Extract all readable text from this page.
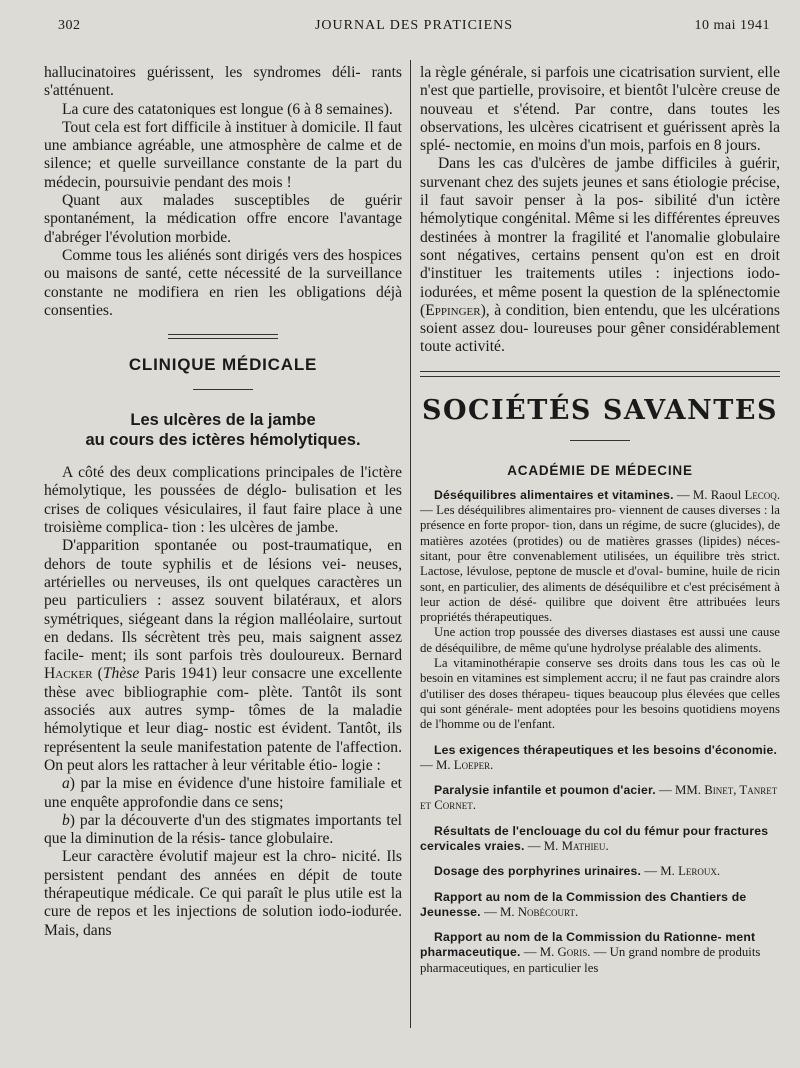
302	JOURNAL DES PRATICIENS	10 mai 1941

hallucinatoires guérissent, les syndromes déli- rants s'atténuent.

La cure des catatoniques est longue (6 à 8 semaines).

Tout cela est fort difficile à instituer à domicile. Il faut une ambiance agréable, une atmosphère de calme et de silence; et quelle surveillance constante de la part du médecin, poursuivie pendant des mois !

Quant aux malades susceptibles de guérir spontanément, la médication offre encore l'avantage d'abréger l'évolution morbide.

Comme tous les aliénés sont dirigés vers des hospices ou maisons de santé, cette nécessité de la surveillance constante ne modifiera en rien les obligations déjà consenties.

CLINIQUE MÉDICALE
Les ulcères de la jambe
au cours des ictères hémolytiques.

A côté des deux complications principales de l'ictère hémolytique, les poussées de déglo- bulisation et les crises de coliques vésiculaires, il faut faire place à une troisième complica- tion : les ulcères de jambe.

D'apparition spontanée ou post-traumatique, en dehors de toute syphilis et de lésions vei- neuses, artérielles ou nerveuses, ils ont quelques caractères un peu particuliers : assez souvent bilatéraux, et alors symétriques, siégeant dans la région malléolaire, surtout en dedans. Ils sécrètent très peu, mais saignent assez facile- ment; ils sont parfois très douloureux. Bernard Hacker (Thèse Paris 1941) leur consacre une excellente thèse avec bibliographie com- plète. Tantôt ils sont associés aux autres symp- tômes de la maladie hémolytique et leur diag- nostic est évident. Tantôt, ils représentent la seule manifestation patente de l'affection. On peut alors les rattacher à leur véritable étio- logie :

a) par la mise en évidence d'une histoire familiale et une enquête approfondie dans ce sens;

b) par la découverte d'un des stigmates importants tel que la diminution de la résis- tance globulaire.

Leur caractère évolutif majeur est la chro- nicité. Ils persistent pendant des années en dépit de toute thérapeutique médicale. Ce qui paraît le plus utile est la cure de repos et les injections de solution iodo-iodurée. Mais, dans

la règle générale, si parfois une cicatrisation survient, elle n'est que partielle, provisoire, et bientôt l'ulcère creuse de nouveau et s'étend. Par contre, dans toutes les observations, les ulcères cicatrisent et guérissent après la splé- nectomie, en moins d'un mois, parfois en 8 jours.

Dans les cas d'ulcères de jambe difficiles à guérir, survenant chez des sujets jeunes et sans étiologie précise, il faut savoir penser à la pos- sibilité d'un ictère hémolytique congénital. Même si les différentes épreuves destinées à montrer la fragilité et l'anomalie globulaire sont négatives, certains pensent qu'on est en droit d'instituer les traitements utiles : injections iodo-iodurées, et même posent la question de la splénectomie (Eppinger), à condition, bien entendu, que les ulcérations soient assez dou- loureuses pour gêner considérablement toute activité.

SOCIÉTÉS SAVANTES
ACADÉMIE DE MÉDECINE

Déséquilibres alimentaires et vitamines. — M. Raoul Lecoq. — Les déséquilibres alimentaires pro- viennent de causes diverses : la présence en forte propor- tion, dans un régime, de sucre (glucides), de matières azotées (protides) ou de matières grasses (lipides) néces- sitant, pour être convenablement utilisées, un équilibre très strict. Lactose, lévulose, peptone de muscle et d'oval- bumine, huile de ricin sont, en particulier, des aliments de déséquilibre et c'est précisément à leur action de désé- quilibre que doivent être attribuées leurs propriétés thérapeutiques.

Une action trop poussée des diverses diastases est aussi une cause de déséquilibre, de même qu'une hydrolyse préalable des aliments.

La vitaminothérapie conserve ses droits dans tous les cas où le besoin en vitamines est simplement accru; il ne faut pas craindre alors d'utiliser des doses thérapeu- tiques beaucoup plus élevées que celles qui sont générale- ment adoptées pour les besoins quotidiens moyens de l'homme ou de l'enfant.

Les exigences thérapeutiques et les besoins d'économie. — M. Loeper.

Paralysie infantile et poumon d'acier. — MM. Binet, Tanret et Cornet.

Résultats de l'enclouage du col du fémur pour fractures cervicales vraies. — M. Mathieu.

Dosage des porphyrines urinaires. — M. Leroux.

Rapport au nom de la Commission des Chantiers de Jeunesse. — M. Nobécourt.

Rapport au nom de la Commission du Rationne- ment pharmaceutique. — M. Goris. — Un grand nombre de produits pharmaceutiques, en particulier les
